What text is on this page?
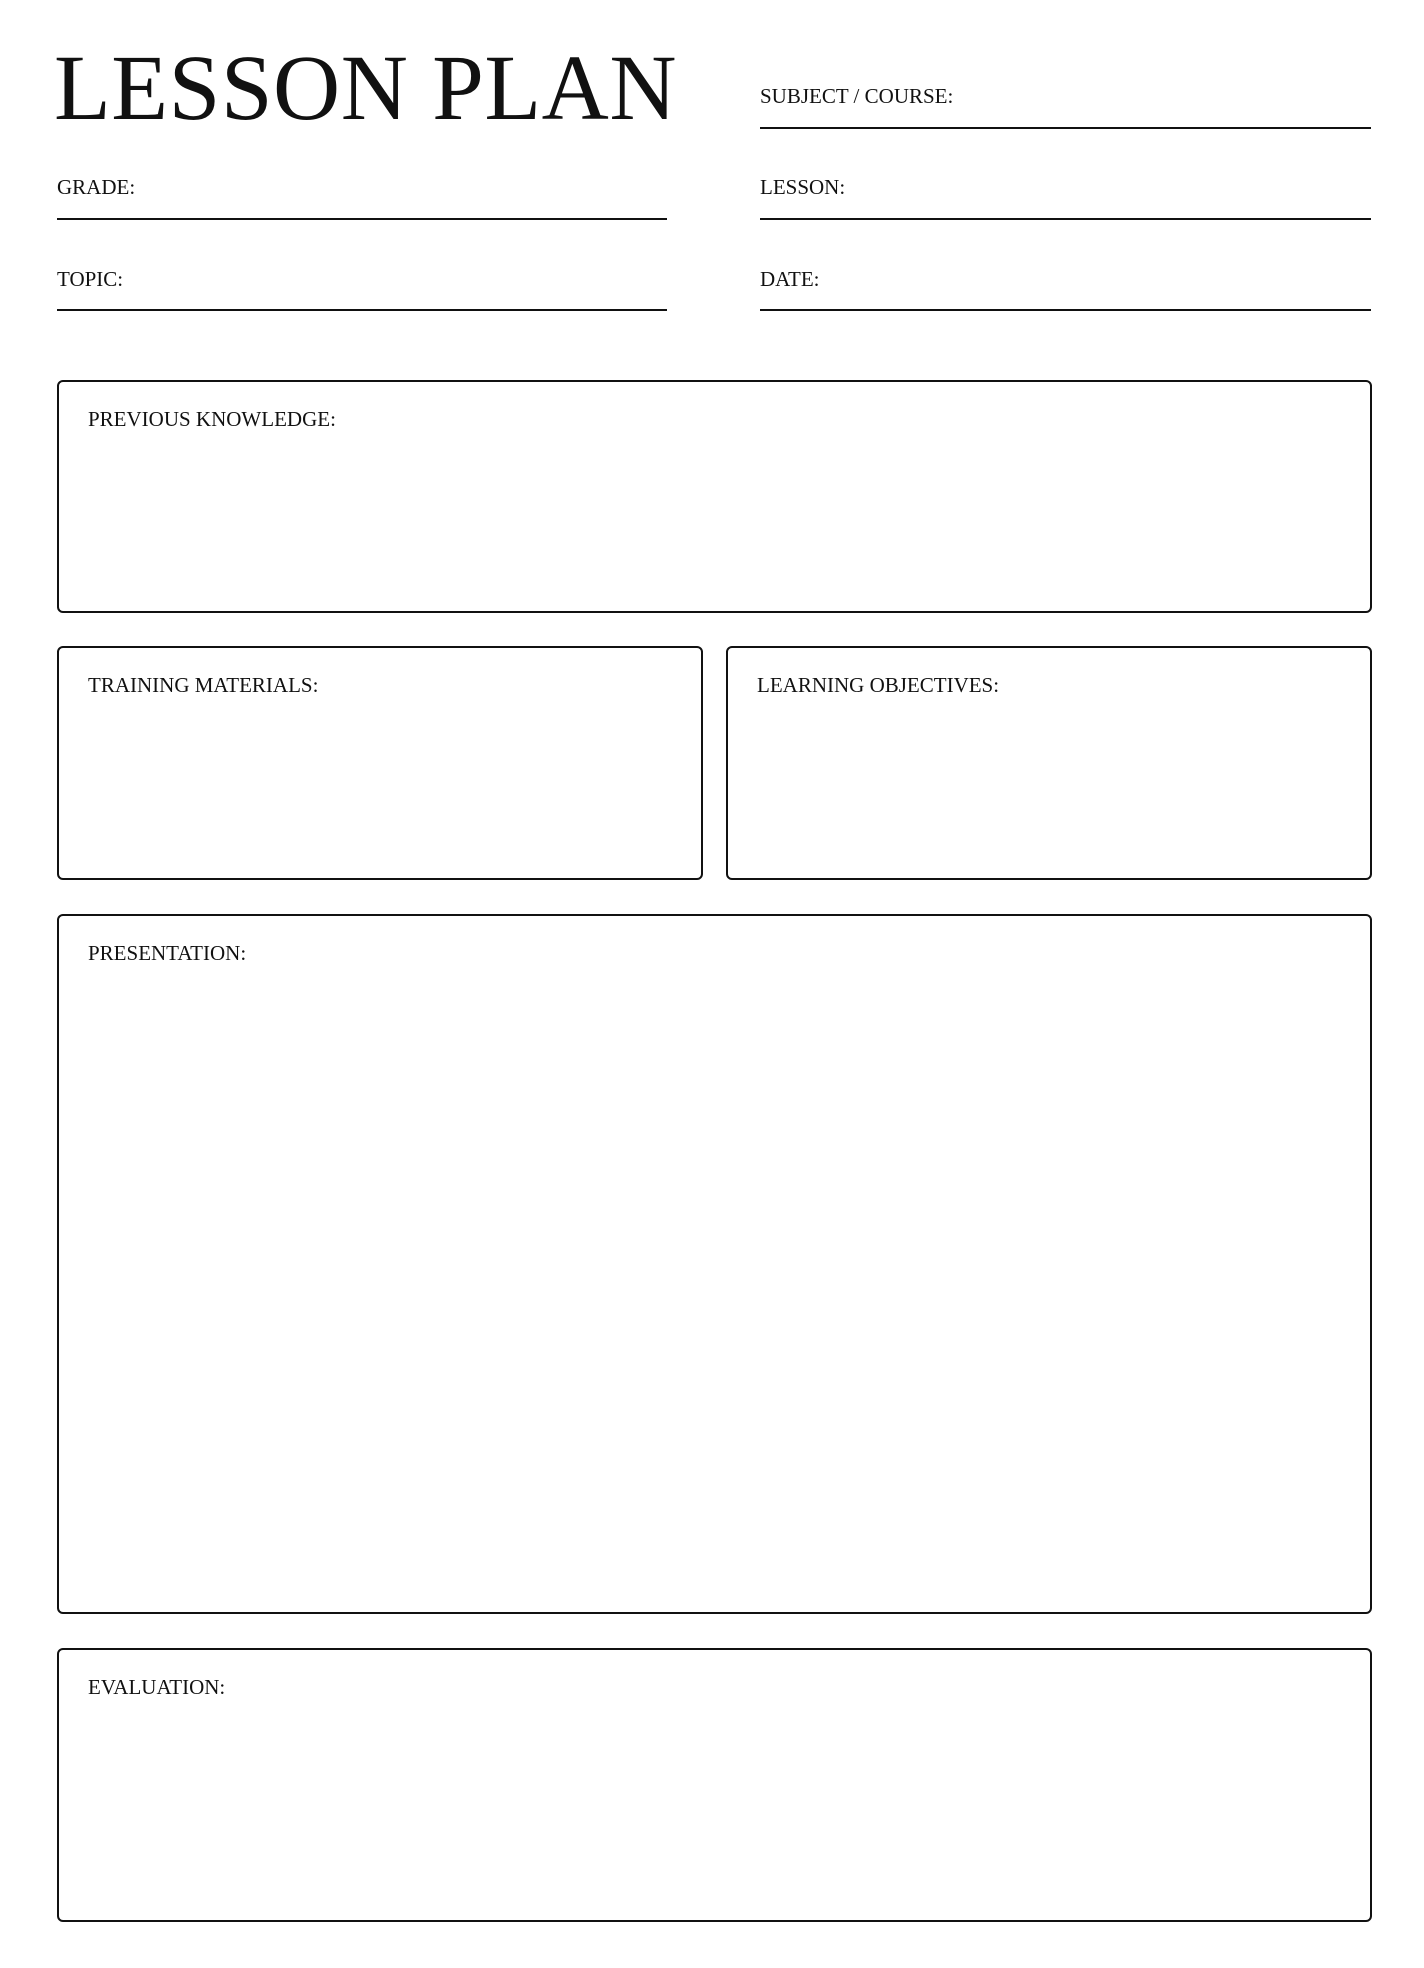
LESSON PLAN	SUBJECT / COURSE:
GRADE:	LESSON:
TOPIC:	DATE:
PREVIOUS KNOWLEDGE:
TRAINING MATERIALS:	LEARNING OBJECTIVES:
PRESENTATION:
EVALUATION:
